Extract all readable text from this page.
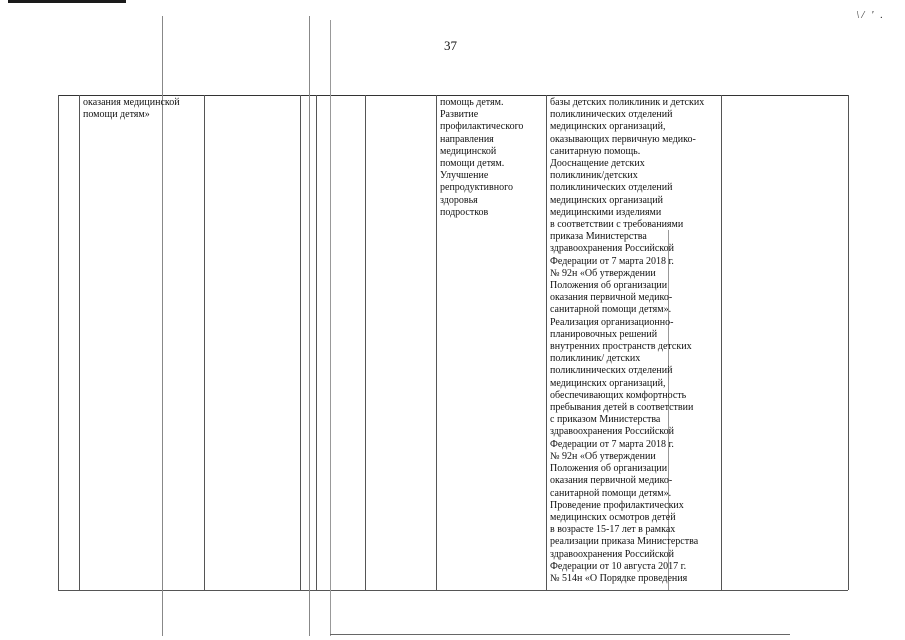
\/ ' .
37
оказания медицинской
помощи детям»
помощь детям.
Развитие
профилактического
направления
медицинской
помощи детям.
Улучшение
репродуктивного
здоровья
подростков
базы детских поликлиник и детских
поликлинических отделений
медицинских организаций,
оказывающих первичную медико-
санитарную помощь.
Дооснащение детских
поликлиник/детских
поликлинических отделений
медицинских организаций
медицинскими изделиями
в соответствии с требованиями
приказа Министерства
здравоохранения Российской
Федерации от 7 марта 2018 г.
№ 92н «Об утверждении
Положения об организации
оказания первичной медико-
санитарной помощи детям».
Реализация организационно-
планировочных решений
внутренних пространств детских
поликлиник/ детских
поликлинических отделений
медицинских организаций,
обеспечивающих комфортность
пребывания детей в соответствии
с приказом Министерства
здравоохранения Российской
Федерации от 7 марта 2018 г.
№ 92н «Об утверждении
Положения об организации
оказания первичной медико-
санитарной помощи детям».
Проведение профилактических
медицинских осмотров детей
в возрасте 15-17 лет в рамках
реализации приказа Министерства
здравоохранения Российской
Федерации от 10 августа 2017 г.
№ 514н «О Порядке проведения
